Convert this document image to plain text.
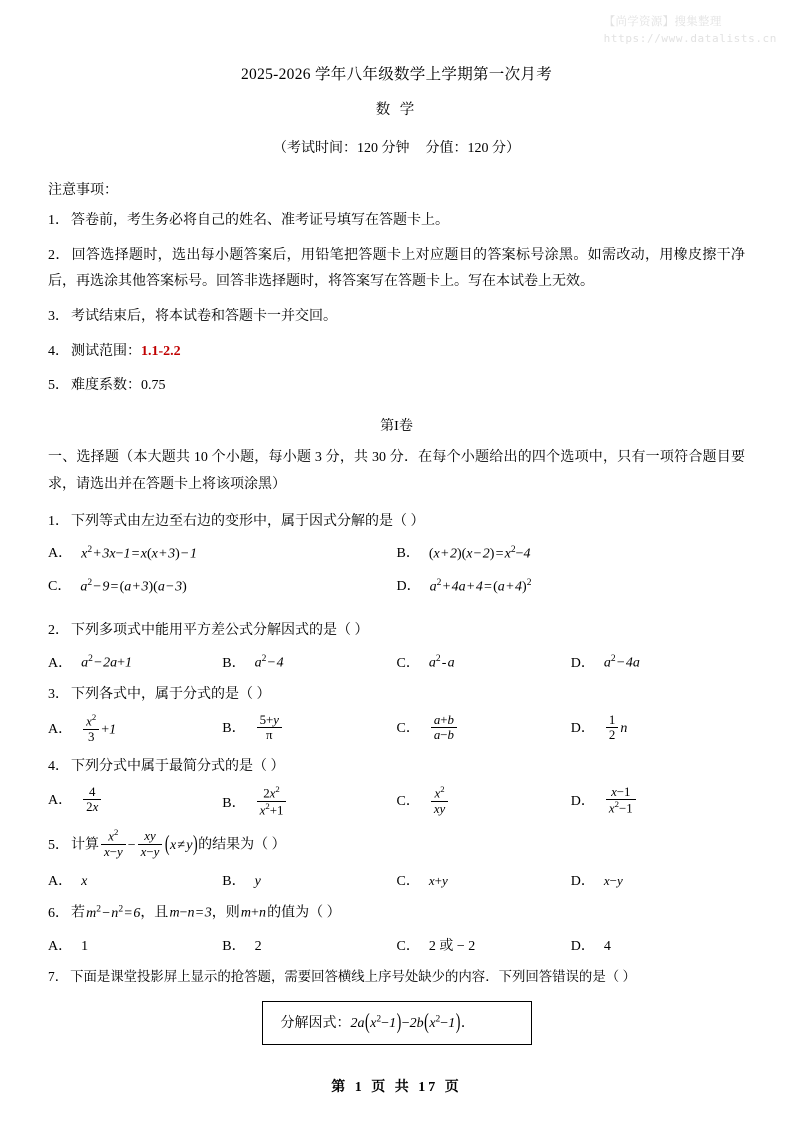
【尚学资源】搜集整理
https://www.datalists.cn
2025-2026 学年八年级数学上学期第一次月考
数 学
（考试时间：120 分钟 分值：120 分）
注意事项：
1． 答卷前，考生务必将自己的姓名、准考证号填写在答题卡上。
2． 回答选择题时，选出每小题答案后，用铅笔把答题卡上对应题目的答案标号涂黑。如需改动，用橡皮擦干净后，再选涂其他答案标号。回答非选择题时，将答案写在答题卡上。写在本试卷上无效。
3． 考试结束后，将本试卷和答题卡一并交回。
4． 测试范围：1.1-2.2
5． 难度系数：0.75
第I卷
一、选择题（本大题共 10 个小题，每小题 3 分，共 30 分．在每个小题给出的四个选项中，只有一项符合题目要求，请选出并在答题卡上将该项涂黑）
1． 下列等式由左边至右边的变形中，属于因式分解的是（ ）
A． $x^2$ + 3x−1 = x(x + 3) − 1	B． (x + 2)(x − 2) = $x^2-4$
C． $a^2$ − 9 = (a + 3)(a − 3)	D． $a^2$ + 4a + 4 = (a + 4)$^2$
2． 下列多项式中能用平方差公式分解因式的是（ ）
A． $a^2$ − 2a+1	B． $a^2$ − 4	C． $a^2$ - a	D． $a^2$ − 4a
3． 下列各式中，属于分式的是（ ）
A． $\frac{x^2}{3} +1$	B． $\frac{5+y}{\pi}$	C． $\frac{a+b}{a-b}$	D． $\frac{1}{2}$ n
4． 下列分式中属于最简分式的是（ ）
A． $\frac{4}{2x}$	B． $\frac{2x^2}{x^2+1}$	C． $\frac{x^2}{xy}$	D． $\frac{x-1}{x^2-1}$
5． 计算 $\frac{x^2}{x-y} - \frac{xy}{x-y} (x$ ≠ y)的结果为（ ）
A． x	B． y	C． x+y	D． x−y
6． 若 $m^2$ − $n^2$ = 6，且 m−n = 3，则 m+n 的值为（ ）
A． 1	B． 2	C． 2 或 − 2	D． 4
7． 下面是课堂投影屏上显示的抢答题，需要回答横线上序号处缺少的内容．下列回答错误的是（ ）
分解因式：$2a(x^2-1)-2b(x^2-1)$．
第 1 页 共 17 页
